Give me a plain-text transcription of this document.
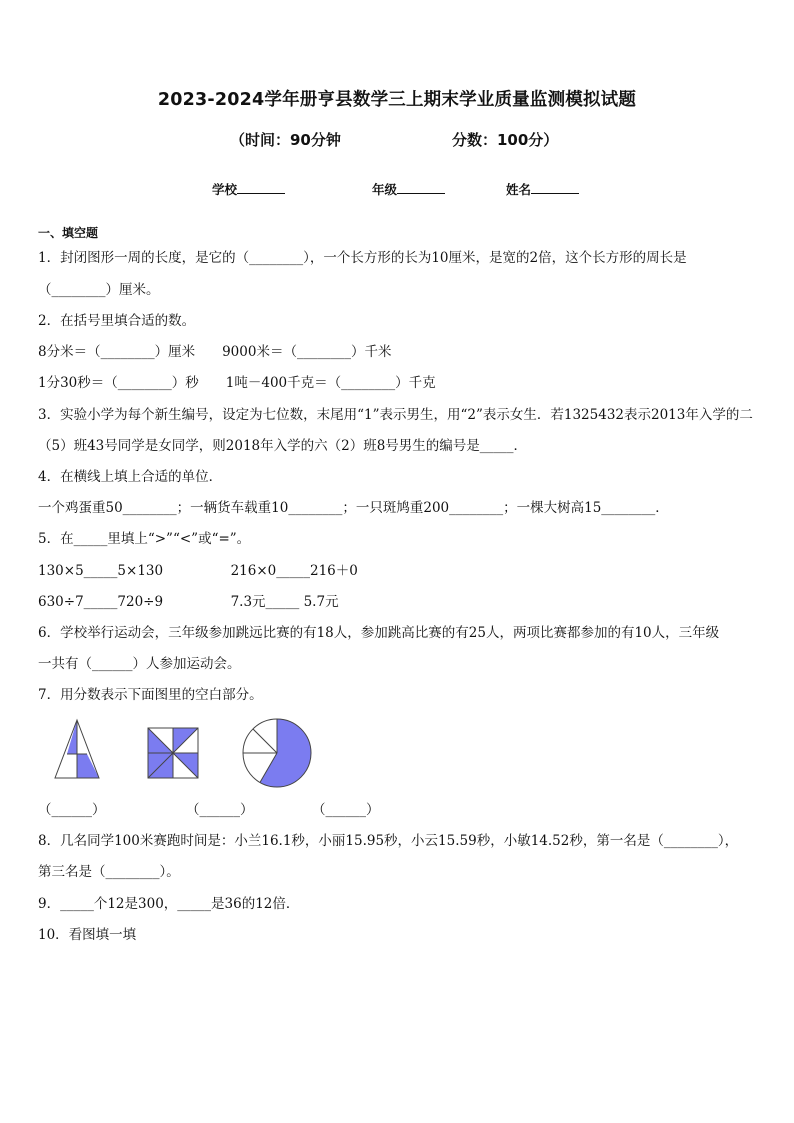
2023-2024学年册亨县数学三上期末学业质量监测模拟试题
（时间：90分钟	分数：100分）
学校	年级	姓名
一、填空题
1．封闭图形一周的长度，是它的（________），一个长方形的长为10厘米，是宽的2倍，这个长方形的周长是
（________）厘米。
2．在括号里填合适的数。
8分米＝（________）厘米　　9000米＝（________）千米
1分30秒＝（________）秒　　1吨－400千克＝（________）千克
3．实验小学为每个新生编号，设定为七位数，末尾用“1”表示男生，用“2”表示女生．若1325432表示2013年入学的二
（5）班43号同学是女同学，则2018年入学的六（2）班8号男生的编号是_____．
4．在横线上填上合适的单位．
一个鸡蛋重50________；一辆货车载重10________；一只斑鸠重200________；一棵大树高15________．
5．在_____里填上“>”“<”或“=”。
130×5_____5×130　　　　　216×0_____216＋0
630÷7_____720÷9　　　　　7.3元_____ 5.7元
6．学校举行运动会，三年级参加跳远比赛的有18人，参加跳高比赛的有25人，两项比赛都参加的有10人，三年级
一共有（______）人参加运动会。
7．用分数表示下面图里的空白部分。
（______）	（______）	（______）
8．几名同学100米赛跑时间是：小兰16.1秒，小丽15.95秒，小云15.59秒，小敏14.52秒，第一名是（________），
第三名是（________）。
9．_____个12是300，_____是36的12倍．
10．看图填一填
